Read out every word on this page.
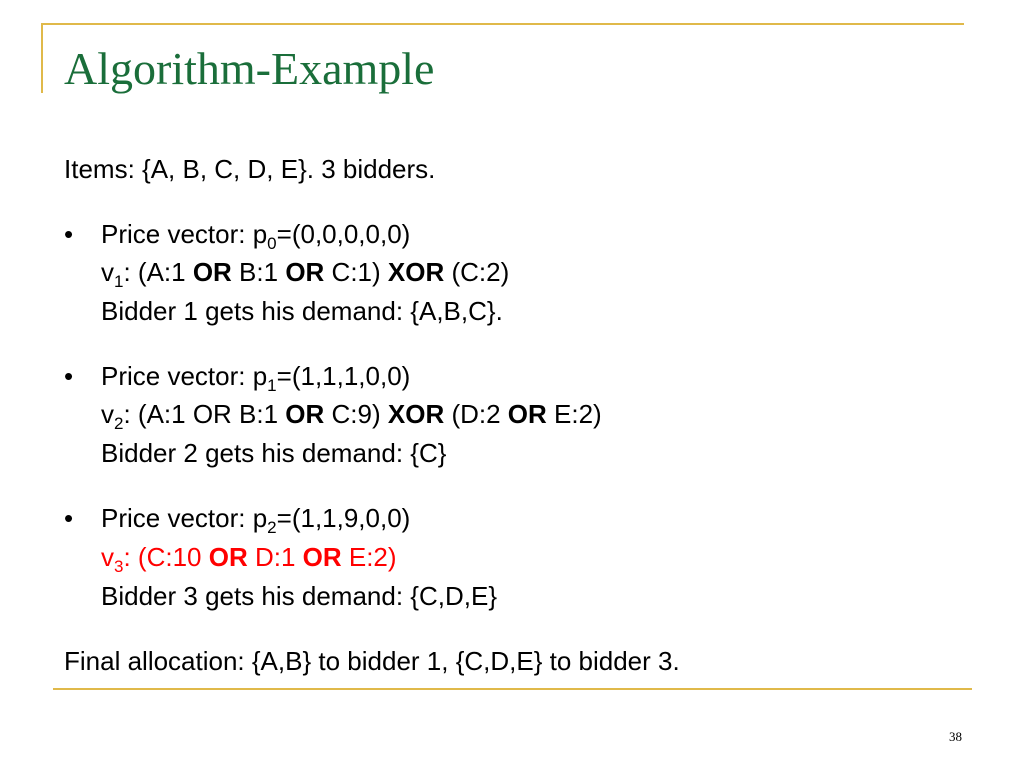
Algorithm-Example
Items: {A, B, C, D, E}. 3 bidders.
• Price vector: $p_0=(0,0,0,0,0)$
$v_1$: (A:1 OR B:1 OR C:1) XOR (C:2)
Bidder 1 gets his demand: {A,B,C}.
• Price vector: $p_1=(1,1,1,0,0)$
$v_2$: (A:1 OR B:1 OR C:9) XOR (D:2 OR E:2)
Bidder 2 gets his demand: {C}
• Price vector: $p_2=(1,1,9,0,0)$
$v_3$: (C:10 OR D:1 OR E:2)
Bidder 3 gets his demand: {C,D,E}
Final allocation: {A,B} to bidder 1, {C,D,E} to bidder 3.
38
